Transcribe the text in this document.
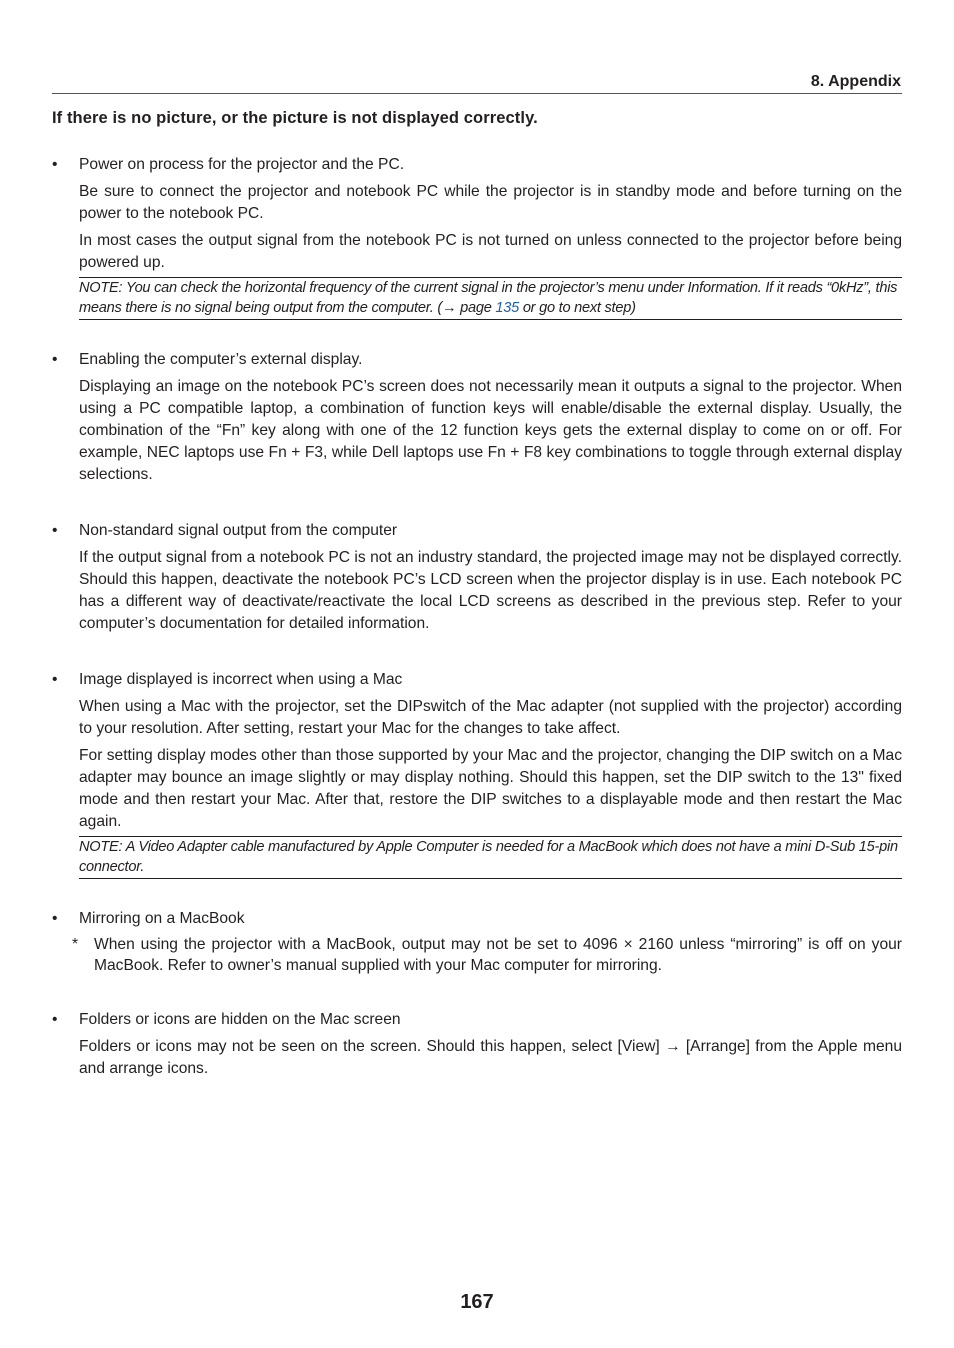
8. Appendix
If there is no picture, or the picture is not displayed correctly.

• Power on process for the projector and the PC.

Be sure to connect the projector and notebook PC while the projector is in standby mode and before turning on the power to the notebook PC.

In most cases the output signal from the notebook PC is not turned on unless connected to the projector before being powered up.

NOTE: You can check the horizontal frequency of the current signal in the projector’s menu under Information. If it reads “0kHz”, this means there is no signal being output from the computer. (→ page 135 or go to next step)

• Enabling the computer’s external display.

Displaying an image on the notebook PC’s screen does not necessarily mean it outputs a signal to the projector. When using a PC compatible laptop, a combination of function keys will enable/disable the external display. Usually, the combination of the “Fn” key along with one of the 12 function keys gets the external display to come on or off. For example, NEC laptops use Fn + F3, while Dell laptops use Fn + F8 key combinations to toggle through external display selections.

• Non-standard signal output from the computer

If the output signal from a notebook PC is not an industry standard, the projected image may not be displayed correctly. Should this happen, deactivate the notebook PC’s LCD screen when the projector display is in use. Each notebook PC has a different way of deactivate/reactivate the local LCD screens as described in the previous step. Refer to your computer’s documentation for detailed information.

• Image displayed is incorrect when using a Mac

When using a Mac with the projector, set the DIPswitch of the Mac adapter (not supplied with the projector) according to your resolution. After setting, restart your Mac for the changes to take affect.

For setting display modes other than those supported by your Mac and the projector, changing the DIP switch on a Mac adapter may bounce an image slightly or may display nothing. Should this happen, set the DIP switch to the 13" fixed mode and then restart your Mac. After that, restore the DIP switches to a displayable mode and then restart the Mac again.

NOTE: A Video Adapter cable manufactured by Apple Computer is needed for a MacBook which does not have a mini D-Sub 15-pin connector.

• Mirroring on a MacBook

* When using the projector with a MacBook, output may not be set to 4096 × 2160 unless “mirroring” is off on your MacBook. Refer to owner’s manual supplied with your Mac computer for mirroring.

• Folders or icons are hidden on the Mac screen

Folders or icons may not be seen on the screen. Should this happen, select [View] → [Arrange] from the Apple menu and arrange icons.

167
